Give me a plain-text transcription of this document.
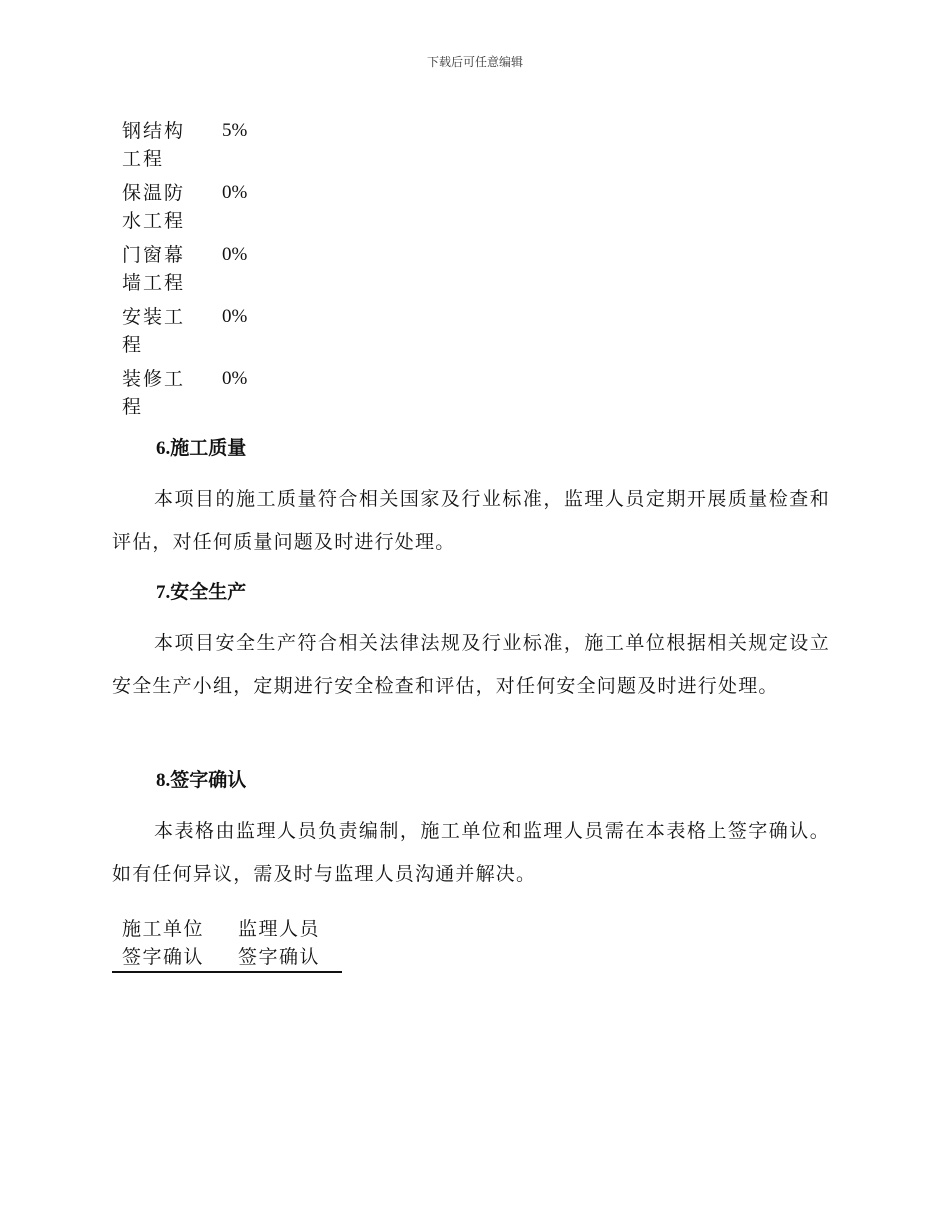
下载后可任意编辑
钢结构工程	5%

保温防水工程	0%

门窗幕墙工程	0%

安装工程	0%

装修工程	0%
6.施工质量

本项目的施工质量符合相关国家及行业标准，监理人员定期开展质量检查和评估，对任何质量问题及时进行处理。

7.安全生产

本项目安全生产符合相关法律法规及行业标准，施工单位根据相关规定设立安全生产小组，定期进行安全检查和评估，对任何安全问题及时进行处理。

8.签字确认

本表格由监理人员负责编制，施工单位和监理人员需在本表格上签字确认。如有任何异议，需及时与监理人员沟通并解决。

施工单位	监理人员
签字确认	签字确认
